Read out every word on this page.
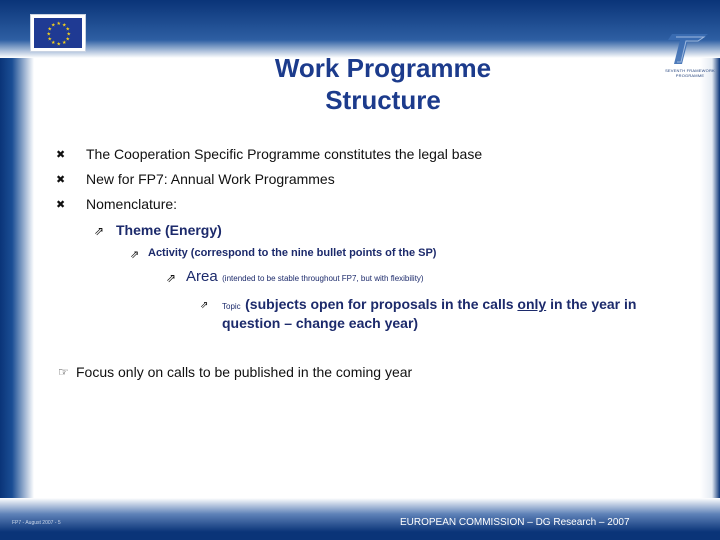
★ ★
★
★
★
★
★
★
★
★
★
★
SEVENTH FRAMEWORK PROGRAMME
Work Programme
Structure
✖ The Cooperation Specific Programme constitutes the legal base
✖ New for FP7: Annual Work Programmes
✖ Nomenclature:
⇗ Theme (Energy)
⇗ Activity (correspond to the nine bullet points of the SP)
⇗ Area (intended to be stable throughout FP7, but with flexibility)
⇗ Topic (subjects open for proposals in the calls only in the year in
question – change each year)
☞ Focus only on calls to be published in the coming year
FP7 - August 2007 - 5	EUROPEAN COMMISSION – DG Research – 2007
